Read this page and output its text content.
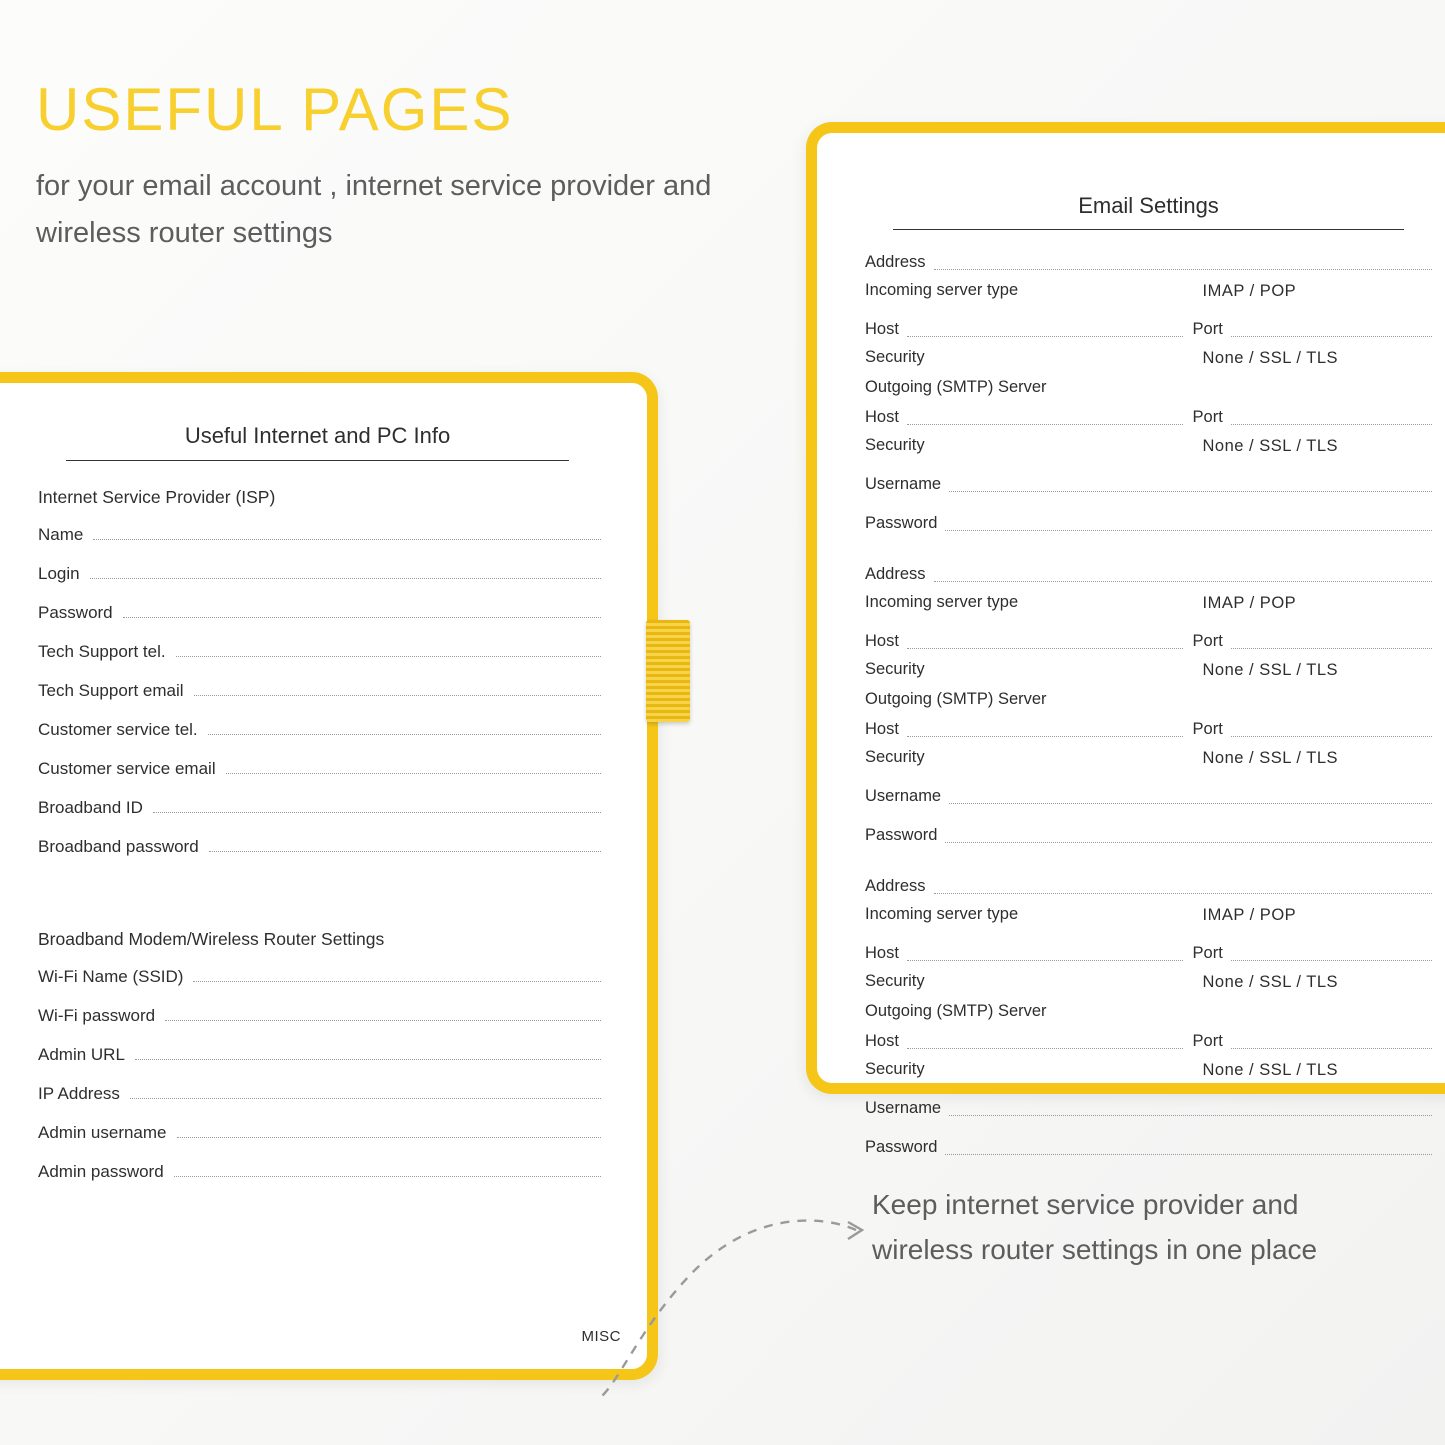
USEFUL PAGES

for your email account , internet service provider and wireless router settings

Useful Internet and PC Info
Internet Service Provider (ISP)
Name
Login
Password
Tech Support tel.
Tech Support email
Customer service tel.
Customer service email
Broadband ID
Broadband password
Broadband Modem/Wireless Router Settings
Wi-Fi Name (SSID)
Wi-Fi password
Admin URL
IP Address
Admin username
Admin password
MISC
Email Settings
Address
Incoming server type	IMAP / POP
Host	Port
Security	None / SSL / TLS
Outgoing (SMTP) Server
Host	Port
Security	None / SSL / TLS
Username
Password
Address
Incoming server type	IMAP / POP
Host	Port
Security	None / SSL / TLS
Outgoing (SMTP) Server
Host	Port
Security	None / SSL / TLS
Username
Password
Address
Incoming server type	IMAP / POP
Host	Port
Security	None / SSL / TLS
Outgoing (SMTP) Server
Host	Port
Security	None / SSL / TLS
Username
Password
Keep internet service provider and wireless router settings in one place
